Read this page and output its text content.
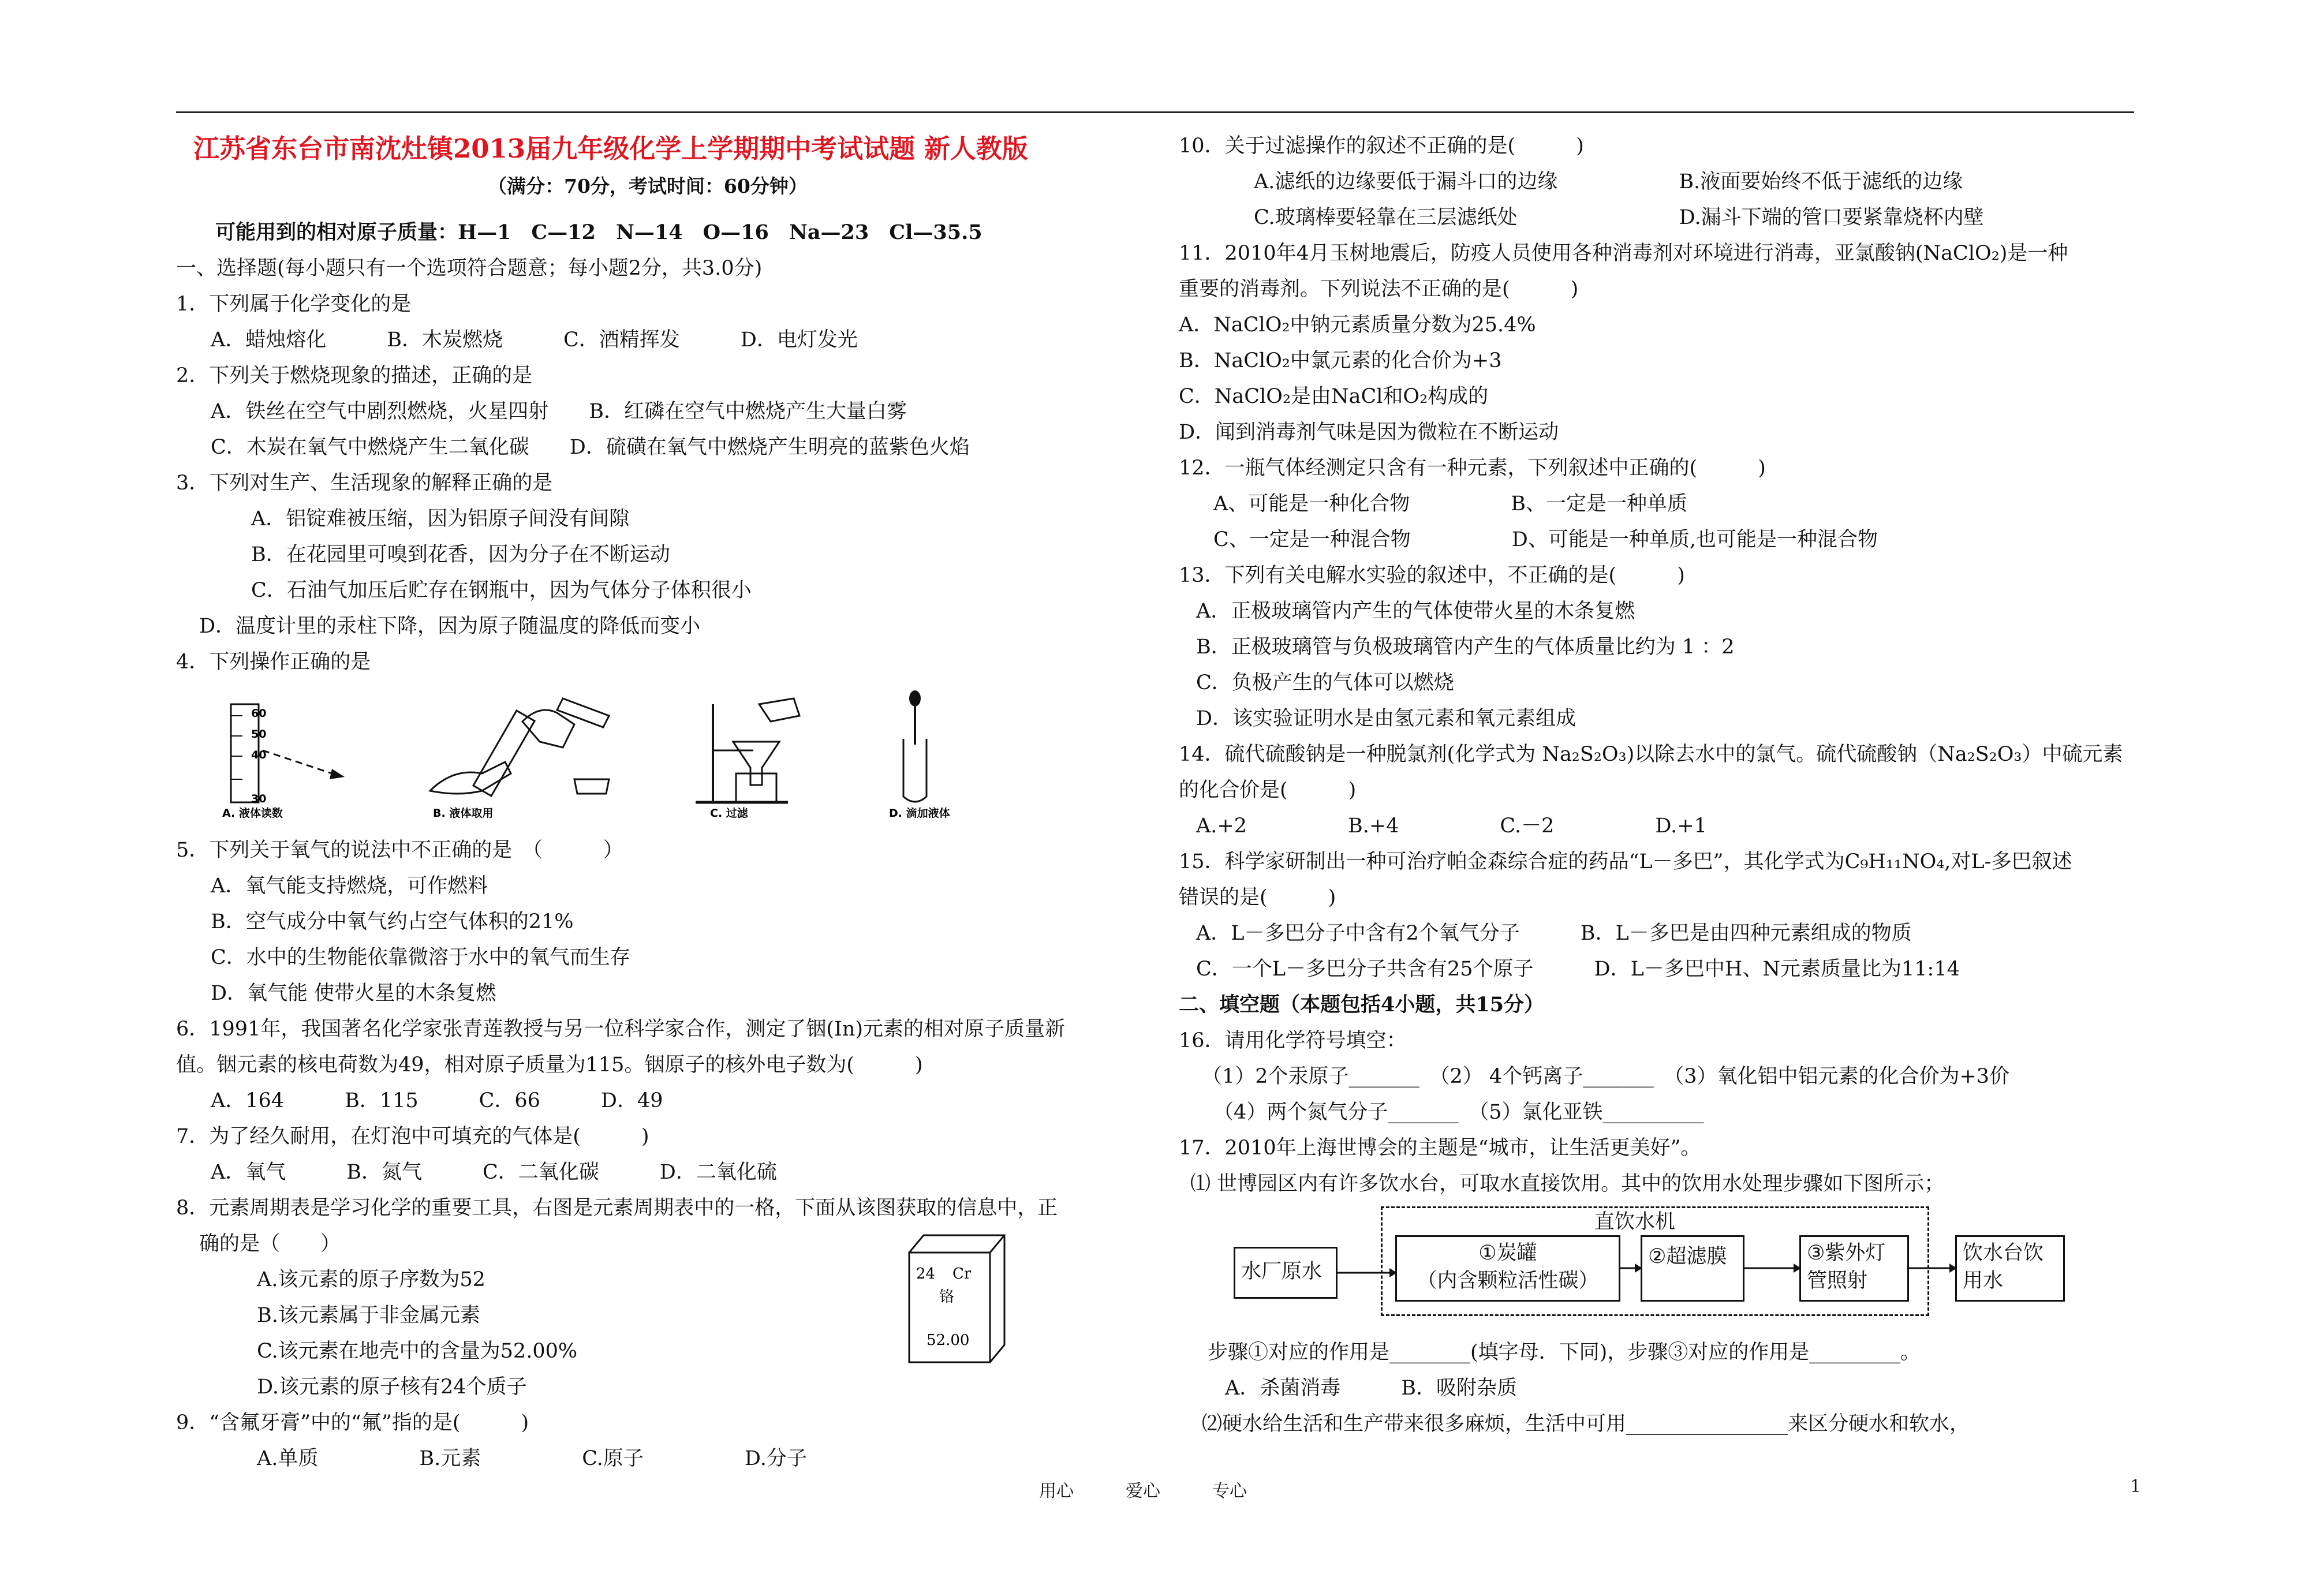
江苏省东台市南沈灶镇2013届九年级化学上学期期中考试试题 新人教版
（满分：70分，考试时间：60分钟）
可能用到的相对原子质量：H—1　C—12　N—14　O—16　Na—23　Cl—35.5
一、选择题(每小题只有一个选项符合题意；每小题2分，共3.0分)
1．下列属于化学变化的是
A．蜡烛熔化　　　B．木炭燃烧　　　C．酒精挥发　　　D．电灯发光
2．下列关于燃烧现象的描述，正确的是
A．铁丝在空气中剧烈燃烧，火星四射　　B．红磷在空气中燃烧产生大量白雾
C．木炭在氧气中燃烧产生二氧化碳　　D．硫磺在氧气中燃烧产生明亮的蓝紫色火焰
3．下列对生产、生活现象的解释正确的是
A．铝锭难被压缩，因为铝原子间没有间隙
B．在花园里可嗅到花香，因为分子在不断运动
C．石油气加压后贮存在钢瓶中，因为气体分子体积很小
D．温度计里的汞柱下降，因为原子随温度的降低而变小
4．下列操作正确的是
60
50
40
30
A. 液体读数	B. 液体取用	C. 过滤	D. 滴加液体
5．下列关于氧气的说法中不正确的是　（　　　）
A．氧气能支持燃烧，可作燃料
B．空气成分中氧气约占空气体积的21%
C．水中的生物能依靠微溶于水中的氧气而生存
D．氧气能 使带火星的木条复燃
6．1991年，我国著名化学家张青莲教授与另一位科学家合作，测定了铟(In)元素的相对原子质量新
值。铟元素的核电荷数为49，相对原子质量为115。铟原子的核外电子数为(　　　)
A．164　　　B．115　　　C．66　　　D．49
7．为了经久耐用，在灯泡中可填充的气体是(　　　)
A．氧气　　　B．氮气　　　C．二氧化碳　　　D．二氧化硫
8．元素周期表是学习化学的重要工具，右图是元素周期表中的一格，下面从该图获取的信息中，正
确的是（　　）
A.该元素的原子序数为52
B.该元素属于非金属元素
C.该元素在地壳中的含量为52.00%
D.该元素的原子核有24个质子
24 Cr
铬
52.00
9．“含氟牙膏”中的“氟”指的是(　　　)
A.单质　　　　　B.元素　　　　　C.原子　　　　　D.分子
10．关于过滤操作的叙述不正确的是(　　　)
A.滤纸的边缘要低于漏斗口的边缘　　　　　　B.液面要始终不低于滤纸的边缘
C.玻璃棒要轻靠在三层滤纸处　　　　　　　　D.漏斗下端的管口要紧靠烧杯内壁
11．2010年4月玉树地震后，防疫人员使用各种消毒剂对环境进行消毒，亚氯酸钠(NaClO₂)是一种
重要的消毒剂。下列说法不正确的是(　　　)
A．NaClO₂中钠元素质量分数为25.4%
B．NaClO₂中氯元素的化合价为+3
C．NaClO₂是由NaCl和O₂构成的
D．闻到消毒剂气味是因为微粒在不断运动
12．一瓶气体经测定只含有一种元素，下列叙述中正确的(　　　)
A、可能是一种化合物　　　　　B、一定是一种单质
C、一定是一种混合物　　　　　D、可能是一种单质,也可能是一种混合物
13．下列有关电解水实验的叙述中，不正确的是(　　　)
A．正极玻璃管内产生的气体使带火星的木条复燃
B．正极玻璃管与负极玻璃管内产生的气体质量比约为 1 ：2
C．负极产生的气体可以燃烧
D．该实验证明水是由氢元素和氧元素组成
14．硫代硫酸钠是一种脱氯剂(化学式为 Na₂S₂O₃)以除去水中的氯气。硫代硫酸钠（Na₂S₂O₃）中硫元素
的化合价是(　　　)
A.+2　　　　　B.+4　　　　　C.－2　　　　　D.+1
15．科学家研制出一种可治疗帕金森综合症的药品“L－多巴”，其化学式为C₉H₁₁NO₄,对L-多巴叙述
错误的是(　　　)
A．L－多巴分子中含有2个氧气分子　　　B．L－多巴是由四种元素组成的物质
C．一个L－多巴分子共含有25个原子　　　D．L－多巴中H、N元素质量比为11:14
二、填空题（本题包括4小题，共15分）
16．请用化学符号填空：
（1）2个汞原子_______　（2） 4个钙离子_______　（3）氧化铝中铝元素的化合价为+3价
（4）两个氮气分子_______　（5）氯化亚铁__________
17．2010年上海世博会的主题是“城市，让生活更美好”。
⑴ 世博园区内有许多饮水台，可取水直接饮用。其中的饮用水处理步骤如下图所示；
直饮水机
水厂原水
①炭罐
（内含颗粒活性碳）
②超滤膜	③紫外灯
管照射
饮水台饮
用水
步骤①对应的作用是________(填字母．下同)，步骤③对应的作用是_________。
A．杀菌消毒　　　B．吸附杂质
⑵硬水给生活和生产带来很多麻烦，生活中可用________________来区分硬水和软水，
用心　　　爱心　　　专心	1
